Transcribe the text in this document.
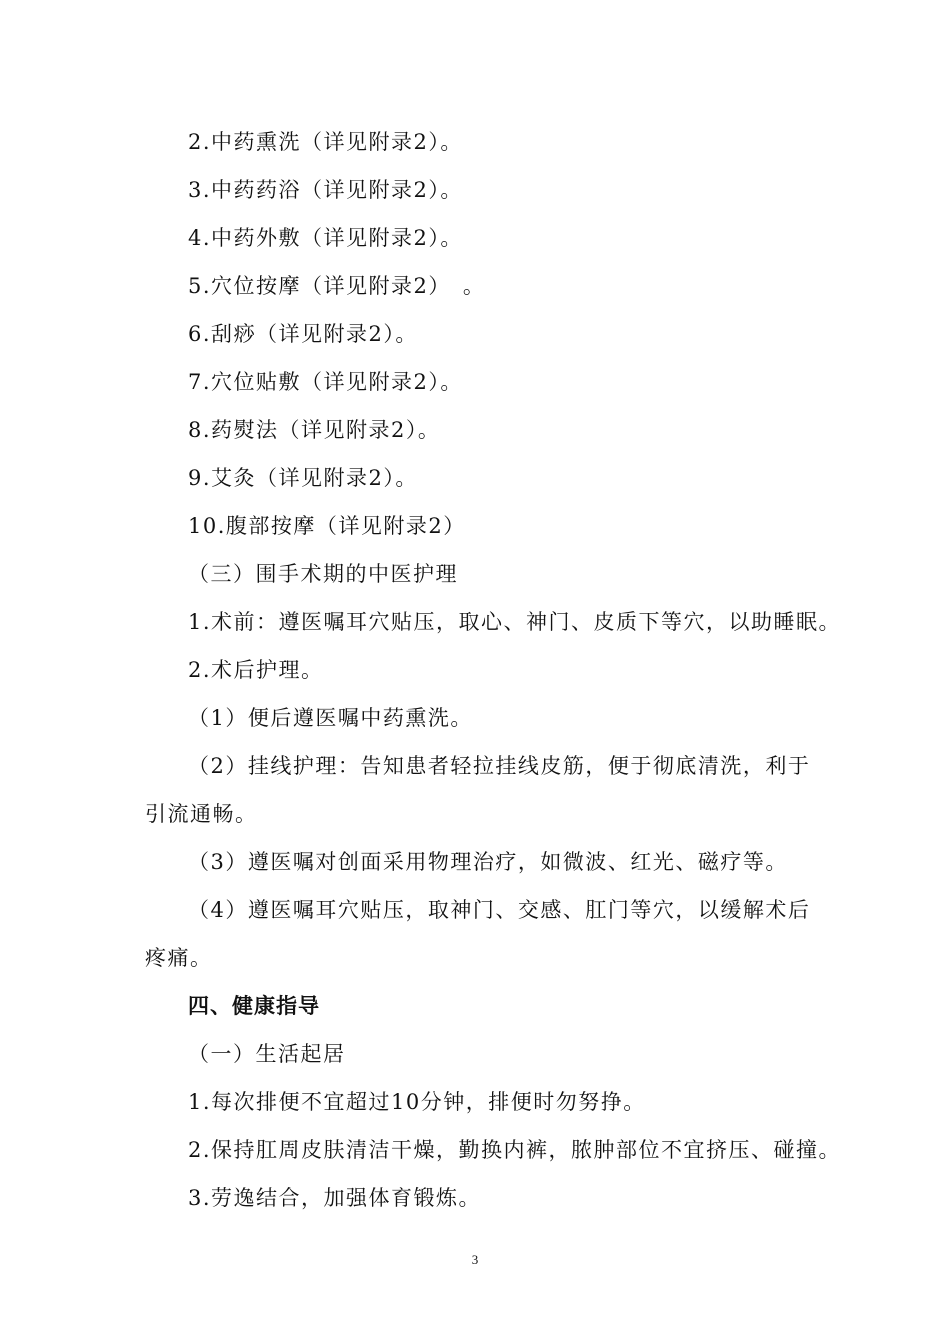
2.中药熏洗（详见附录2）。
3.中药药浴（详见附录2）。
4.中药外敷（详见附录2）。
5.穴位按摩（详见附录2）　。
6.刮痧（详见附录2）。
7.穴位贴敷（详见附录2）。
8.药熨法（详见附录2）。
9.艾灸（详见附录2）。
10.腹部按摩（详见附录2）
（三）围手术期的中医护理
1.术前：遵医嘱耳穴贴压，取心、神门、皮质下等穴，以助睡眠。
2.术后护理。
（1）便后遵医嘱中药熏洗。
（2）挂线护理：告知患者轻拉挂线皮筋，便于彻底清洗，利于
引流通畅。
（3）遵医嘱对创面采用物理治疗，如微波、红光、磁疗等。
（4）遵医嘱耳穴贴压，取神门、交感、肛门等穴，以缓解术后
疼痛。
四、健康指导
（一）生活起居
1.每次排便不宜超过10分钟，排便时勿努挣。
2.保持肛周皮肤清洁干燥，勤换内裤，脓肿部位不宜挤压、碰撞。
3.劳逸结合，加强体育锻炼。
3
